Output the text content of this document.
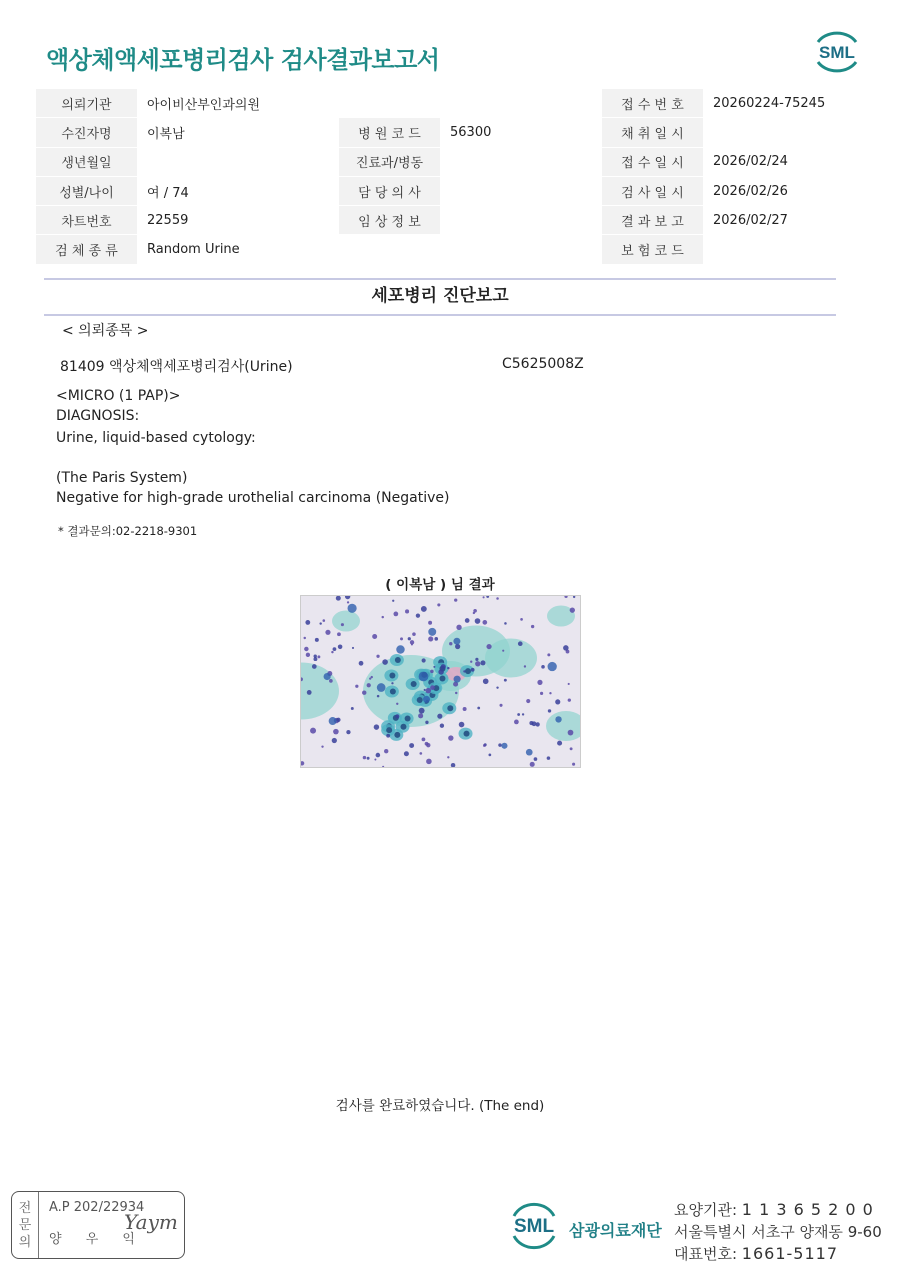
액상체액세포병리검사 검사결과보고서	SML
의뢰기관	아이비산부인과의원			접 수 번 호	20260224-75245
수진자명	이복남	병 원 코 드	56300	채 취 일 시	
생년월일		진료과/병동		접 수 일 시	2026/02/24
성별/나이	여 / 74	담 당 의 사		검 사 일 시	2026/02/26
차트번호	22559	임 상 정 보		결 과 보 고	2026/02/27
검 체 종 류	Random Urine			보 험 코 드	
세포병리 진단보고
< 의뢰종목 >
81409 액상체액세포병리검사(Urine)	C5625008Z
<MICRO (1 PAP)>
DIAGNOSIS:
Urine, liquid-based cytology:
(The Paris System)
Negative for high-grade urothelial carcinoma (Negative)
* 결과문의:02-2218-9301
( 이복남 ) 님 결과
검사를 완료하였습니다. (The end)
전
문
의
A.P 202/22934
양 우 익
Yaym	SML 삼광의료재단
요양기관: 1 1 3 6 5 2 0 0
서울특별시 서초구 양재동 9-60
대표번호: 1661-5117
